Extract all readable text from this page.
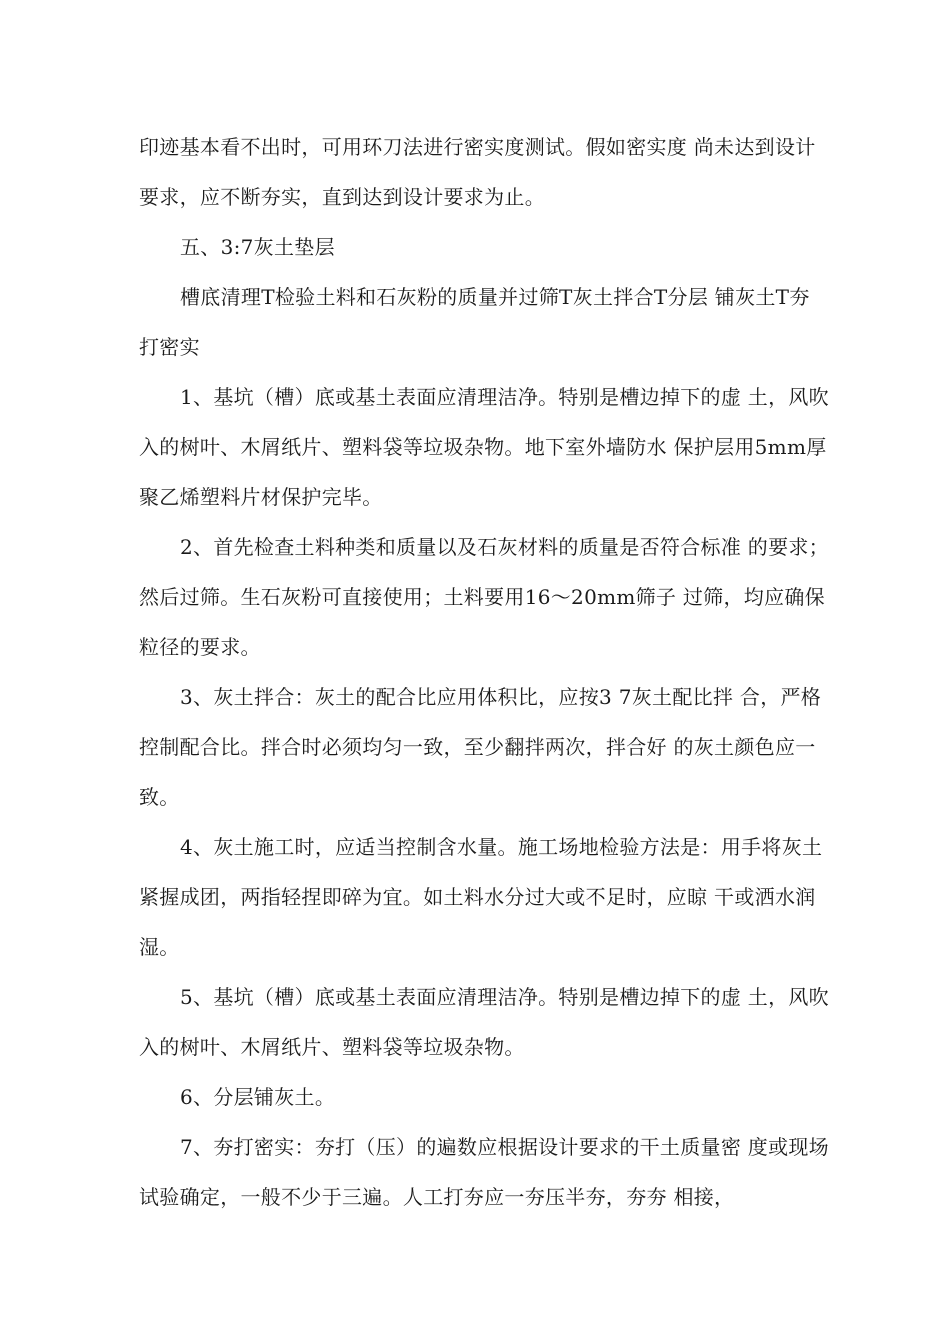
印迹基本看不出时，可用环刀法进行密实度测试。假如密实度 尚未达到设计要求，应不断夯实，直到达到设计要求为止。

五、3:7灰土垫层

槽底清理T检验土料和石灰粉的质量并过筛T灰土拌合T分层 铺灰土T夯打密实

1、基坑（槽）底或基土表面应清理洁净。特别是槽边掉下的虚 土，风吹入的树叶、木屑纸片、塑料袋等垃圾杂物。地下室外墙防水 保护层用5mm厚聚乙烯塑料片材保护完毕。

2、首先检查土料种类和质量以及石灰材料的质量是否符合标准 的要求；然后过筛。生石灰粉可直接使用；土料要用16〜20mm筛子 过筛，均应确保粒径的要求。

3、灰土拌合：灰土的配合比应用体积比，应按3 7灰土配比拌 合，严格控制配合比。拌合时必须均匀一致，至少翻拌两次，拌合好 的灰土颜色应一致。

4、灰土施工时，应适当控制含水量。施工场地检验方法是：用手将灰土紧握成团，两指轻捏即碎为宜。如土料水分过大或不足时，应晾 干或洒水润湿。

5、基坑（槽）底或基土表面应清理洁净。特别是槽边掉下的虚 土，风吹入的树叶、木屑纸片、塑料袋等垃圾杂物。

6、分层铺灰土。

7、夯打密实：夯打（压）的遍数应根据设计要求的干土质量密 度或现场试验确定，一般不少于三遍。人工打夯应一夯压半夯，夯夯 相接，
